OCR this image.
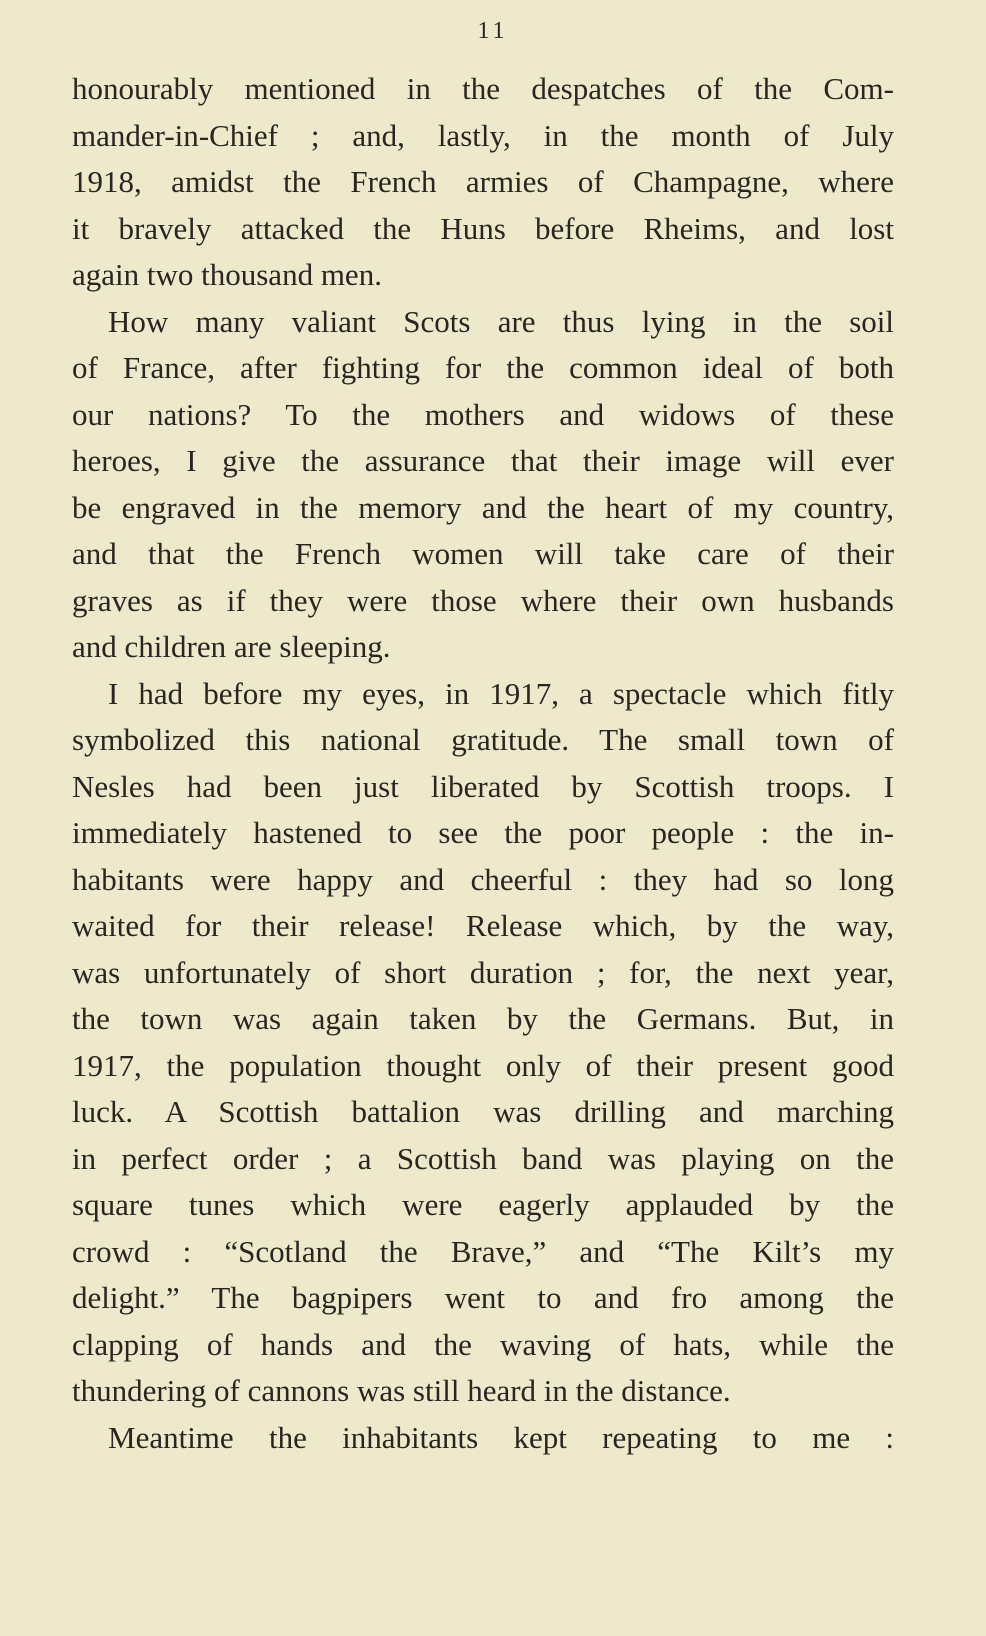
11
honourably mentioned in the despatches of the Com-
mander-in-Chief ; and, lastly, in the month of July
1918, amidst the French armies of Champagne, where
it bravely attacked the Huns before Rheims, and lost
again two thousand men.
How many valiant Scots are thus lying in the soil
of France, after fighting for the common ideal of both
our nations? To the mothers and widows of these
heroes, I give the assurance that their image will ever
be engraved in the memory and the heart of my country,
and that the French women will take care of their
graves as if they were those where their own husbands
and children are sleeping.
I had before my eyes, in 1917, a spectacle which fitly
symbolized this national gratitude. The small town of
Nesles had been just liberated by Scottish troops. I
immediately hastened to see the poor people : the in-
habitants were happy and cheerful : they had so long
waited for their release! Release which, by the way,
was unfortunately of short duration ; for, the next year,
the town was again taken by the Germans. But, in
1917, the population thought only of their present good
luck. A Scottish battalion was drilling and marching
in perfect order ; a Scottish band was playing on the
square tunes which were eagerly applauded by the
crowd : “Scotland the Brave,” and “The Kilt’s my
delight.” The bagpipers went to and fro among the
clapping of hands and the waving of hats, while the
thundering of cannons was still heard in the distance.
Meantime the inhabitants kept repeating to me :
